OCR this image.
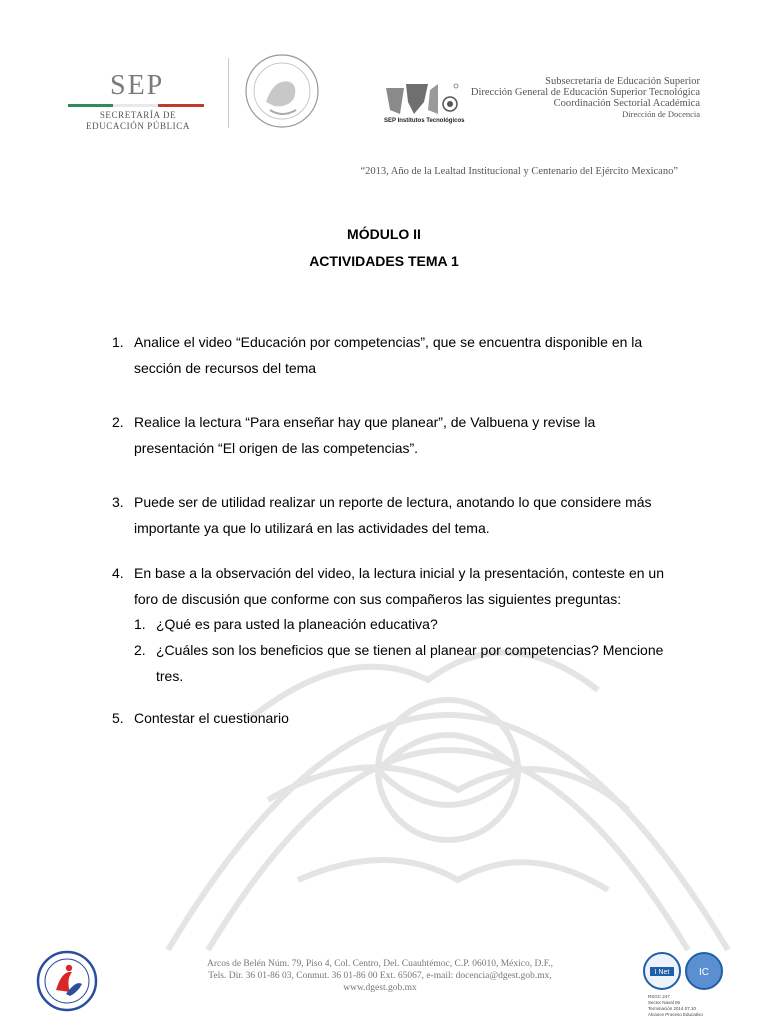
SEP
SECRETARÍA DE
EDUCACIÓN PÚBLICA	SEP Institutos Tecnológicos
Subsecretaría de Educación Superior
Dirección General de Educación Superior Tecnológica
Coordinación Sectorial Académica
Dirección de Docencia
“2013, Año de la Lealtad Institucional y Centenario del Ejército Mexicano”
MÓDULO II
ACTIVIDADES TEMA 1
1. Analice el video “Educación por competencias”, que se encuentra disponible en la
sección de recursos del tema
2. Realice la lectura “Para enseñar hay que planear”, de Valbuena y revise la
presentación “El origen de las competencias”.
3. Puede ser de utilidad realizar un reporte de lectura, anotando lo que considere más
importante ya que lo utilizará en las actividades del tema.
4. En base a la observación del video, la lectura inicial y la presentación, conteste en un
foro de discusión que conforme con sus compañeros las siguientes preguntas:
1. ¿Qué es para usted la planeación educativa?
2. ¿Cuáles son los beneficios que se tienen al planear por competencias? Mencione
tres.
5. Contestar el cuestionario
Arcos de Belén Núm. 79, Piso 4, Col. Centro, Del. Cuauhtémoc, C.P. 06010, México, D.F.,
Tels. Dir. 36 01-86 03, Conmut. 36 01-86 00 Ext. 65067, e-mail: docencia@dgest.gob.mx,
www.dgest.gob.mx
I Net	IC
RSGC 247
Sector Naval 06
Terminación 2014.07.10
Alcance Proceso Educativo
